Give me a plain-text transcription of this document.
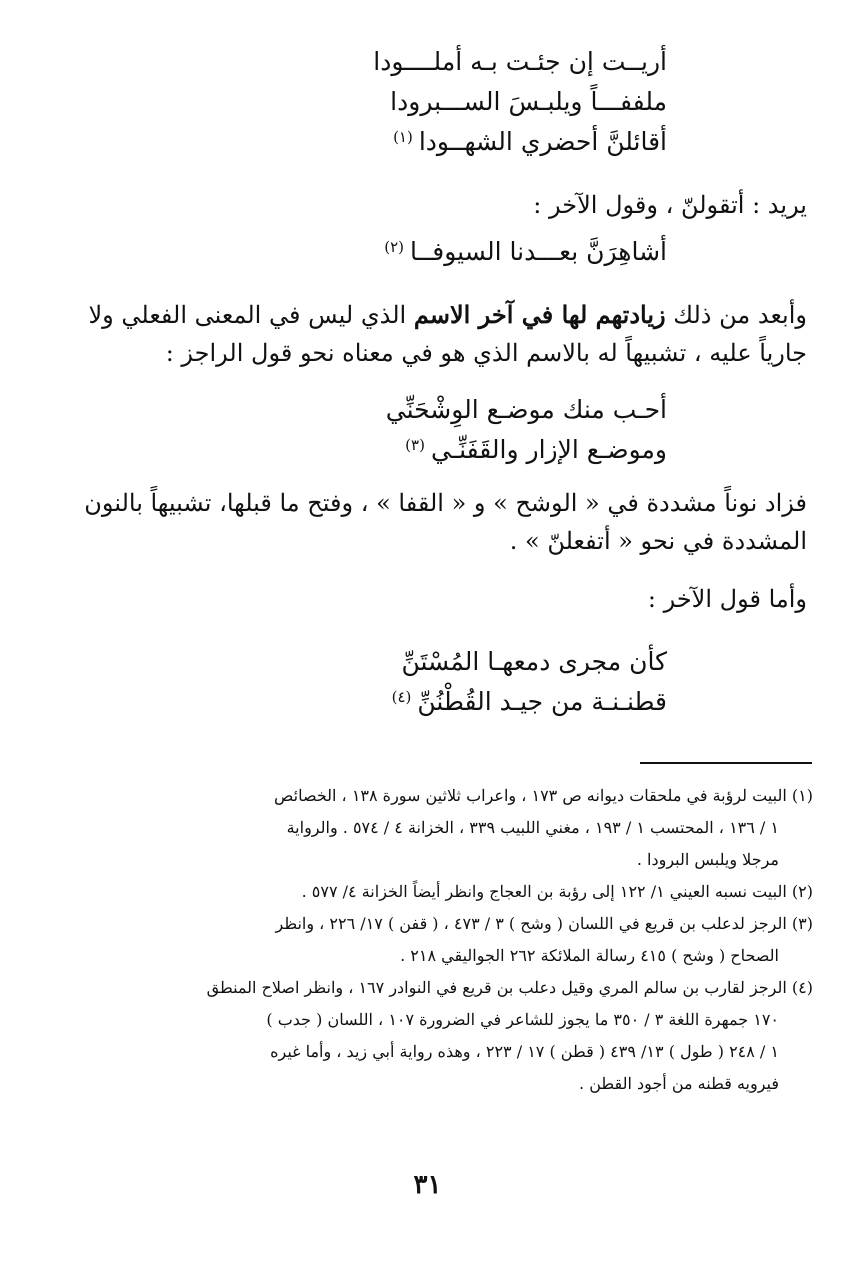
أريــت إن جئـت بـه أملــــودا
ملففـــاً ويلبـسَ الســـبرودا
أقائلنَّ أحضري الشهــودا$^{(١)}$
يريد : أتقولنّ ، وقول الآخر :
أشاهِرَنَّ بعـــدنا السيوفــا$^{(٢)}$
وأبعد من ذلك زيادتهم لها في آخر الاسم الذي ليس في المعنى الفعلي ولا
جارياً عليه ، تشبيهاً له بالاسم الذي هو في معناه نحو قول الراجز :
أحـب منك موضـع الوِشْحَنِّي
وموضـع الإزار والقَفَنِّـي$^{(٣)}$
فزاد نوناً مشددة في « الوشح » و « القفا » ، وفتح ما قبلها، تشبيهاً بالنون
المشددة في نحو « أتفعلنّ » .
وأما قول الآخر :
كأن مجرى دمعهـا المُسْتَنِّ
قطنـنـة من جيـد القُطْنُنِّ$^{(٤)}$
(١) البيت لرؤبة في ملحقات ديوانه ص ١٧٣ ، واعراب ثلاثين سورة ١٣٨ ، الخصائص
١ / ١٣٦ ، المحتسب ١ / ١٩٣ ، مغني اللبيب ٣٣٩ ، الخزانة ٤ / ٥٧٤ . والرواية
مرجلا ويلبس البرودا .
(٢) البيت نسبه العيني ١/ ١٢٢ إلى رؤبة بن العجاج وانظر أيضاً الخزانة ٤/ ٥٧٧ .
(٣) الرجز لدعلب بن قريع في اللسان ( وشح ) ٣ / ٤٧٣ ، ( قفن ) ١٧/ ٢٢٦ ، وانظر
الصحاح ( وشح ) ٤١٥ رسالة الملائكة ٢٦٢ الجواليقي ٢١٨ .
(٤) الرجز لقارب بن سالم المري وقيل دعلب بن قريع في النوادر ١٦٧ ، وانظر اصلاح المنطق
١٧٠ جمهرة اللغة ٣ / ٣٥٠ ما يجوز للشاعر في الضرورة ١٠٧ ، اللسان ( جدب )
١ / ٢٤٨ ( طول ) ١٣/ ٤٣٩ ( قطن ) ١٧ / ٢٢٣ ، وهذه رواية أبي زيد ، وأما غيره
فيرويه قطنه من أجود القطن .
٣١
